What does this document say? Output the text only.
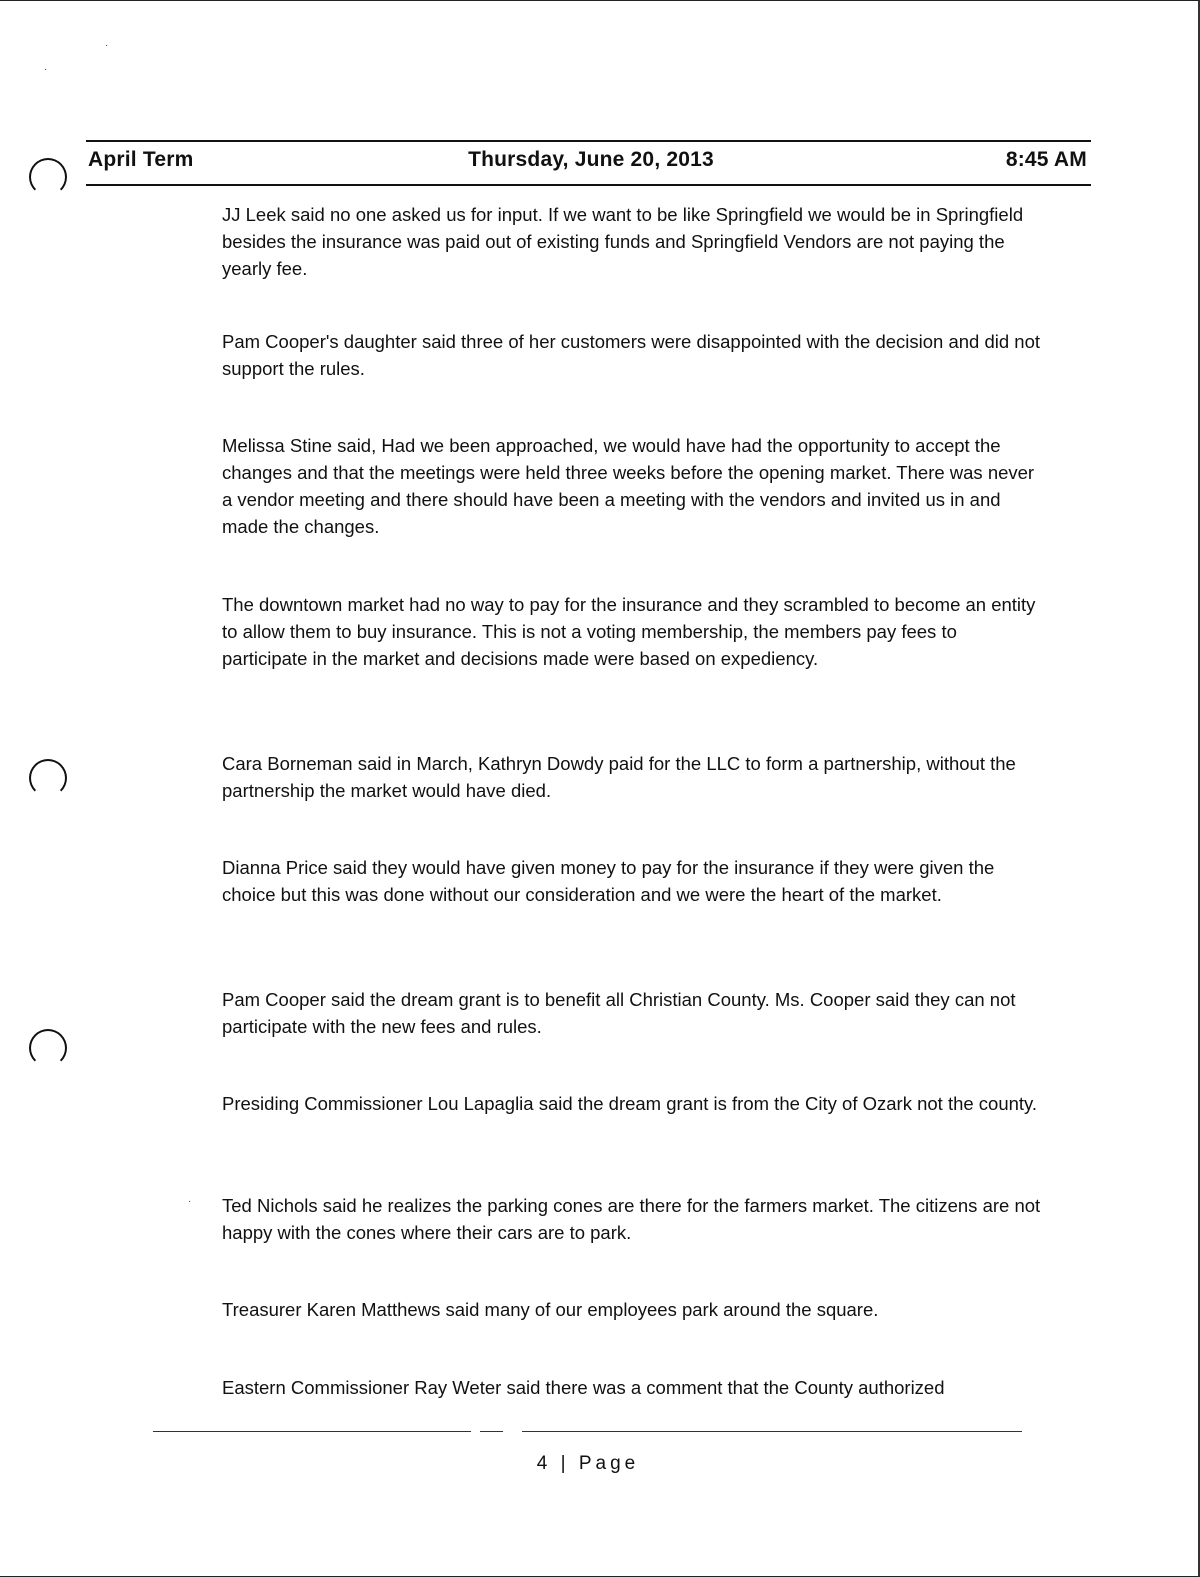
·
·
April Term	Thursday, June 20, 2013	8:45 AM

JJ Leek said no one asked us for input. If we want to be like Springfield we would be in Springfield besides the insurance was paid out of existing funds and Springfield Vendors are not paying the yearly fee.

Pam Cooper's daughter said three of her customers were disappointed with the decision and did not support the rules.

Melissa Stine said, Had we been approached, we would have had the opportunity to accept the changes and that the meetings were held three weeks before the opening market. There was never a vendor meeting and there should have been a meeting with the vendors and invited us in and made the changes.

The downtown market had no way to pay for the insurance and they scrambled to become an entity to allow them to buy insurance. This is not a voting membership, the members pay fees to participate in the market and decisions made were based on expediency.

Cara Borneman said in March, Kathryn Dowdy paid for the LLC to form a partnership, without the partnership the market would have died.

Dianna Price said they would have given money to pay for the insurance if they were given the choice but this was done without our consideration and we were the heart of the market.

Pam Cooper said the dream grant is to benefit all Christian County. Ms. Cooper said they can not participate with the new fees and rules.

Presiding Commissioner Lou Lapaglia said the dream grant is from the City of Ozark not the county.

· Ted Nichols said he realizes the parking cones are there for the farmers market. The citizens are not happy with the cones where their cars are to park.

Treasurer Karen Matthews said many of our employees park around the square.

Eastern Commissioner Ray Weter said there was a comment that the County authorized

4 | Page
